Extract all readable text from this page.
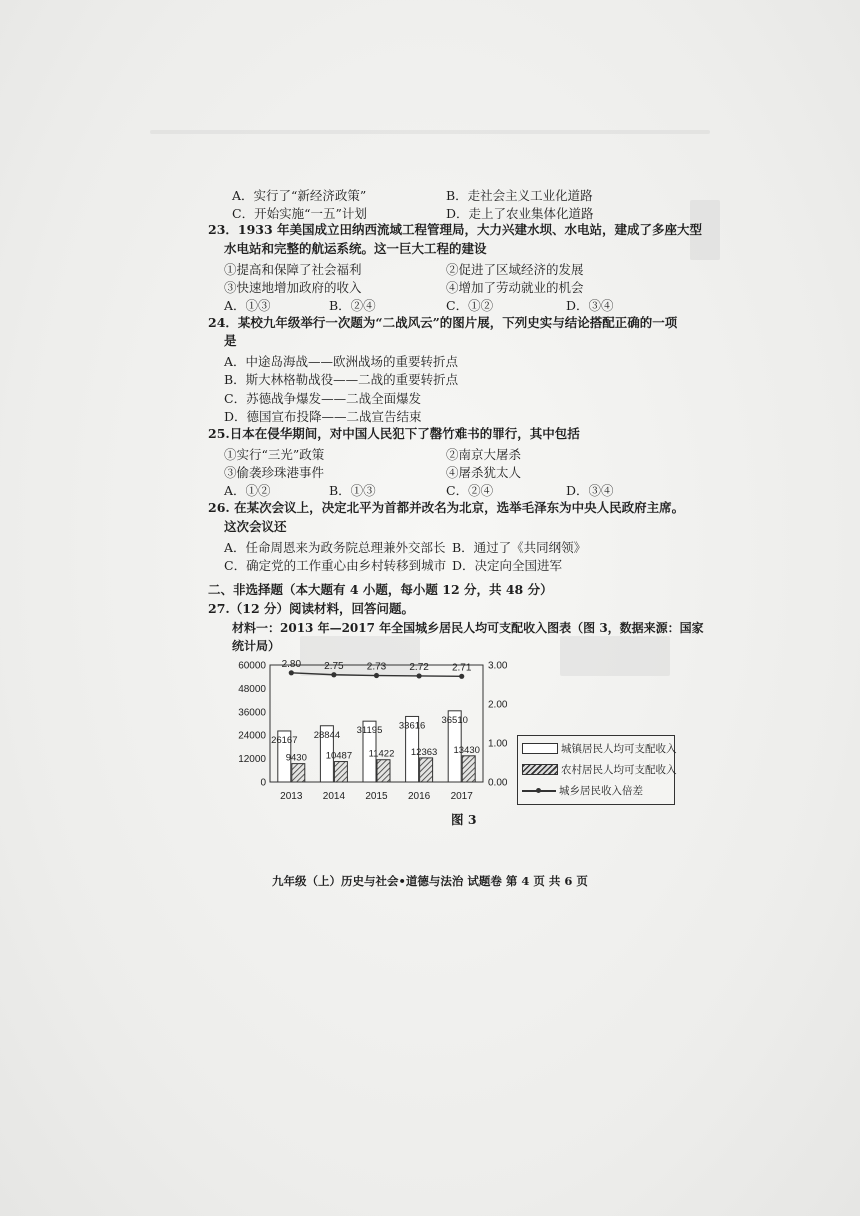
A．实行了“新经济政策”	B．走社会主义工业化道路
C．开始实施“一五”计划	D．走上了农业集体化道路
23．1933 年美国成立田纳西流域工程管理局，大力兴建水坝、水电站，建成了多座大型
水电站和完整的航运系统。这一巨大工程的建设
①提高和保障了社会福利	②促进了区域经济的发展
③快速地增加政府的收入	④增加了劳动就业的机会
A．①③	B．②④	C．①②	D．③④
24．某校九年级举行一次题为“二战风云”的图片展，下列史实与结论搭配正确的一项
是
A．中途岛海战——欧洲战场的重要转折点
B．斯大林格勒战役——二战的重要转折点
C．苏德战争爆发——二战全面爆发
D．德国宣布投降——二战宣告结束
25.日本在侵华期间，对中国人民犯下了罄竹难书的罪行，其中包括
①实行“三光”政策	②南京大屠杀
③偷袭珍珠港事件	④屠杀犹太人
A．①②	B．①③	C．②④	D．③④
26. 在某次会议上，决定北平为首都并改名为北京，选举毛泽东为中央人民政府主席。
这次会议还
A．任命周恩来为政务院总理兼外交部长 B．通过了《共同纲领》
C．确定党的工作重心由乡村转移到城市 D．决定向全国进军
二、非选择题（本大题有 4 小题，每小题 12 分，共 48 分）
27.（12 分）阅读材料，回答问题。
材料一：2013 年—2017 年全国城乡居民人均可支配收入图表（图 3，数据来源：国家
统计局）
0
12000
24000
36000
48000
60000
0.00
1.00
2.00
3.00
26167
9430
2013
28844
10487
2014
31195
11422
2015
33616
12363
2016
36510
13430
2017
2.80 2.75 2.73 2.72 2.71
城镇居民人均可支配收入
农村居民人均可支配收入
城乡居民收入倍差
图 3
九年级（上）历史与社会•道德与法治 试题卷 第 4 页 共 6 页
